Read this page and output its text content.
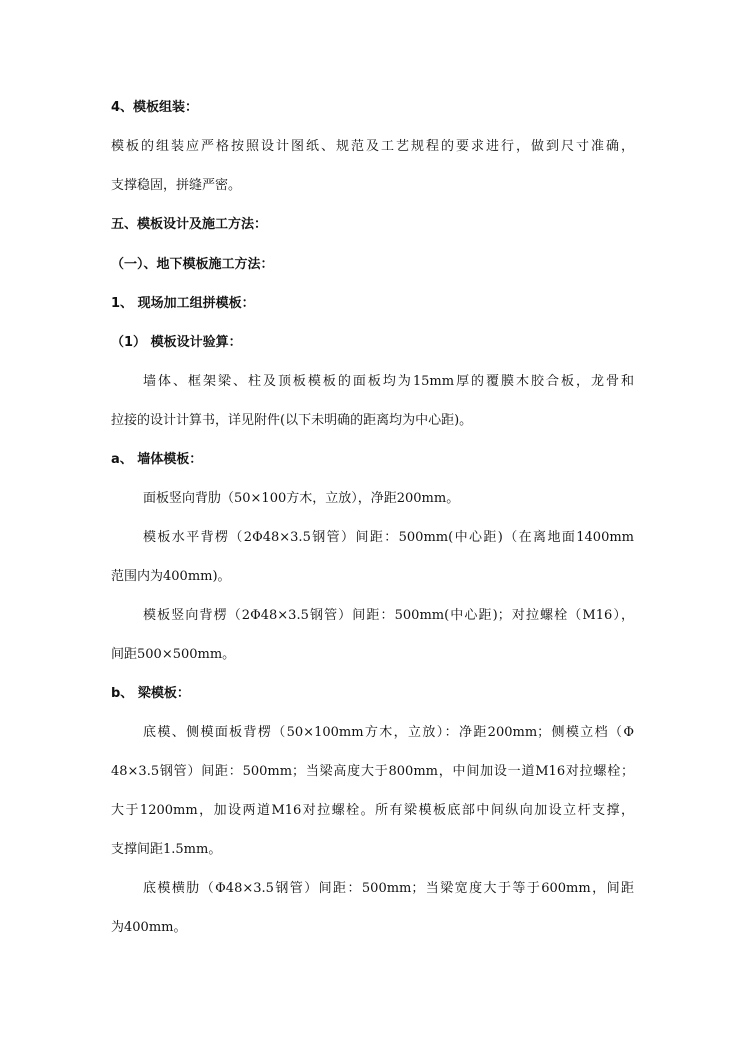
4、模板组装：
模板的组装应严格按照设计图纸、规范及工艺规程的要求进行，做到尺寸准确，
支撑稳固，拼缝严密。
五、模板设计及施工方法：
（一）、地下模板施工方法：
1、 现场加工组拼模板：
（1） 模板设计验算：
墙体、框架梁、柱及顶板模板的面板均为15mm厚的覆膜木胶合板，龙骨和
拉接的设计计算书，详见附件(以下未明确的距离均为中心距)。
a、 墙体模板：
面板竖向背肋（50×100方木，立放），净距200mm。
模板水平背楞（2Φ48×3.5钢管）间距：500mm(中心距)（在离地面1400mm
范围内为400mm)。
模板竖向背楞（2Φ48×3.5钢管）间距：500mm(中心距)；对拉螺栓（M16），
间距500×500mm。
b、 梁模板：
底模、侧模面板背楞（50×100mm方木，立放）：净距200mm；侧模立档（Φ
48×3.5钢管）间距：500mm；当梁高度大于800mm，中间加设一道M16对拉螺栓；
大于1200mm，加设两道M16对拉螺栓。所有梁模板底部中间纵向加设立杆支撑，
支撑间距1.5mm。
底模横肋（Φ48×3.5钢管）间距：500mm；当梁宽度大于等于600mm，间距
为400mm。
